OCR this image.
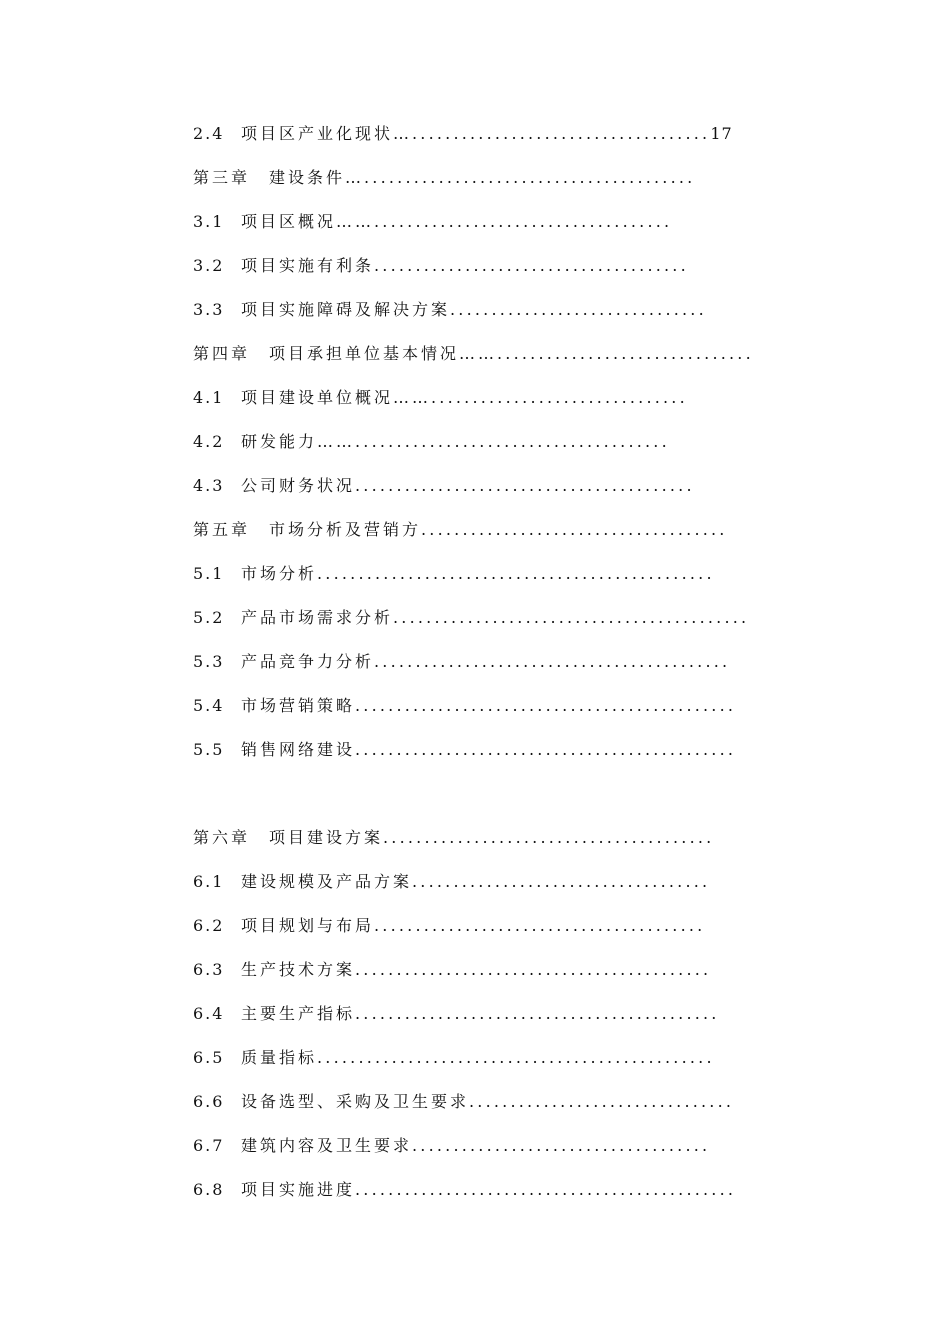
2.4 项目区产业化现状…....................................17
第三章 建设条件…........................................
3.1 项目区概况……....................................
3.2 项目实施有利条......................................
3.3 项目实施障碍及解决方案...............................
第四章 项目承担单位基本情况……...............................
4.1 项目建设单位概况……...............................
4.2 研发能力……......................................
4.3 公司财务状况.........................................
第五章 市场分析及营销方.....................................
5.1 市场分析................................................
5.2 产品市场需求分析...........................................
5.3 产品竞争力分析...........................................
5.4 市场营销策略..............................................
5.5 销售网络建设..............................................
第六章 项目建设方案........................................
6.1 建设规模及产品方案....................................
6.2 项目规划与布局........................................
6.3 生产技术方案...........................................
6.4 主要生产指标............................................
6.5 质量指标................................................
6.6 设备选型、采购及卫生要求................................
6.7 建筑内容及卫生要求....................................
6.8 项目实施进度..............................................
